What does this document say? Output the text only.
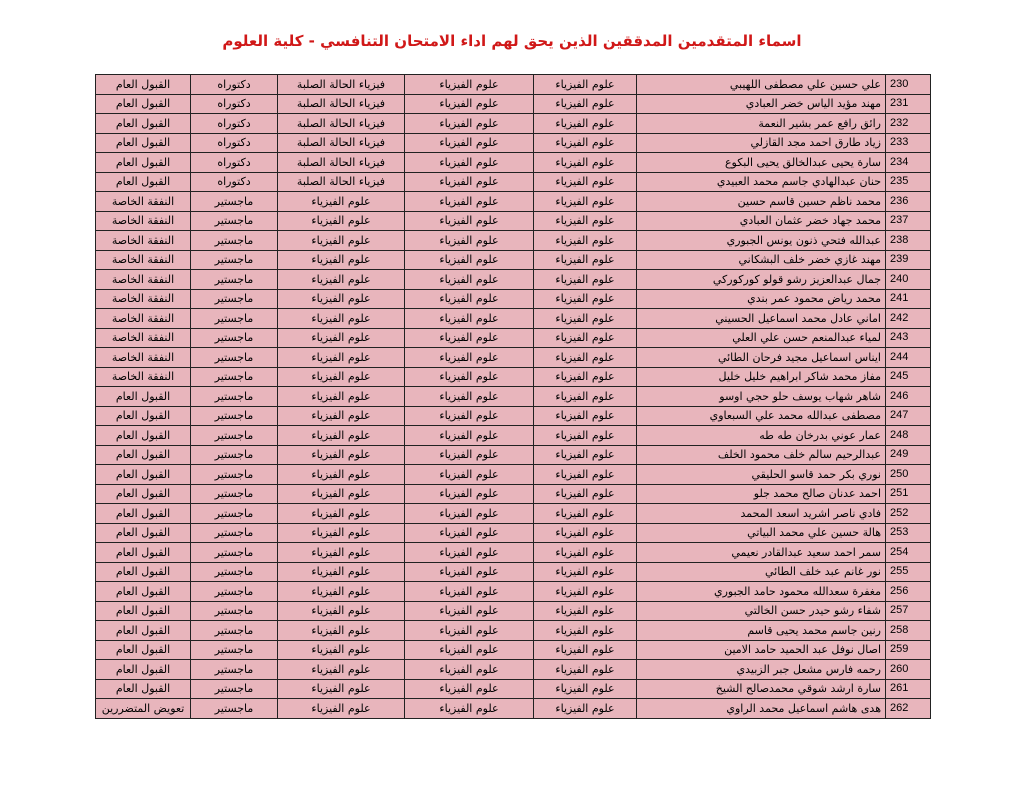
اسماء المتقدمين المدققين الذين يحق لهم اداء الامتحان التنافسي - كلية العلوم
230	علي حسين علي مصطفى اللهيبي	علوم الفيزياء	علوم الفيزياء	فيزياء الحالة الصلبة	دكتوراه	القبول العام
231	مهند مؤيد الياس خضر العبادي	علوم الفيزياء	علوم الفيزياء	فيزياء الحالة الصلبة	دكتوراه	القبول العام
232	رائق رافع عمر بشير النعمة	علوم الفيزياء	علوم الفيزياء	فيزياء الحالة الصلبة	دكتوراه	القبول العام
233	زياد طارق احمد مجد القازلي	علوم الفيزياء	علوم الفيزياء	فيزياء الحالة الصلبة	دكتوراه	القبول العام
234	سارة يحيى عبدالخالق يحيى البكوع	علوم الفيزياء	علوم الفيزياء	فيزياء الحالة الصلبة	دكتوراه	القبول العام
235	حنان عبدالهادي جاسم محمد العبيدي	علوم الفيزياء	علوم الفيزياء	فيزياء الحالة الصلبة	دكتوراه	القبول العام
236	محمد ناظم حسين قاسم حسين	علوم الفيزياء	علوم الفيزياء	علوم الفيزياء	ماجستير	النفقة الخاصة
237	محمد جهاد خضر عثمان العبادي	علوم الفيزياء	علوم الفيزياء	علوم الفيزياء	ماجستير	النفقة الخاصة
238	عبدالله فتحي ذنون يونس الجبوري	علوم الفيزياء	علوم الفيزياء	علوم الفيزياء	ماجستير	النفقة الخاصة
239	مهند غازي خضر خلف البشكاني	علوم الفيزياء	علوم الفيزياء	علوم الفيزياء	ماجستير	النفقة الخاصة
240	جمال عبدالعزيز رشو قولو كوركوركي	علوم الفيزياء	علوم الفيزياء	علوم الفيزياء	ماجستير	النفقة الخاصة
241	محمد رياض محمود عمر بندي	علوم الفيزياء	علوم الفيزياء	علوم الفيزياء	ماجستير	النفقة الخاصة
242	اماني عادل محمد اسماعيل الحسيني	علوم الفيزياء	علوم الفيزياء	علوم الفيزياء	ماجستير	النفقة الخاصة
243	لمياء عبدالمنعم حسن علي العلي	علوم الفيزياء	علوم الفيزياء	علوم الفيزياء	ماجستير	النفقة الخاصة
244	ايناس اسماعيل مجيد فرحان الطائي	علوم الفيزياء	علوم الفيزياء	علوم الفيزياء	ماجستير	النفقة الخاصة
245	مفاز محمد شاكر ابراهيم خليل خليل	علوم الفيزياء	علوم الفيزياء	علوم الفيزياء	ماجستير	النفقة الخاصة
246	شاهر شهاب يوسف حلو حجي اوسو	علوم الفيزياء	علوم الفيزياء	علوم الفيزياء	ماجستير	القبول العام
247	مصطفى عبدالله محمد علي السبعاوي	علوم الفيزياء	علوم الفيزياء	علوم الفيزياء	ماجستير	القبول العام
248	عمار عوني بدرخان طه طه	علوم الفيزياء	علوم الفيزياء	علوم الفيزياء	ماجستير	القبول العام
249	عبدالرحيم سالم خلف محمود الخلف	علوم الفيزياء	علوم الفيزياء	علوم الفيزياء	ماجستير	القبول العام
250	نوري بكر حمد قاسو الحليقي	علوم الفيزياء	علوم الفيزياء	علوم الفيزياء	ماجستير	القبول العام
251	احمد عدنان صالح محمد جلو	علوم الفيزياء	علوم الفيزياء	علوم الفيزياء	ماجستير	القبول العام
252	فادي ناصر اشريد اسعد المحمد	علوم الفيزياء	علوم الفيزياء	علوم الفيزياء	ماجستير	القبول العام
253	هالة حسين علي محمد البياتي	علوم الفيزياء	علوم الفيزياء	علوم الفيزياء	ماجستير	القبول العام
254	سمر احمد سعيد عبدالقادر نعيمي	علوم الفيزياء	علوم الفيزياء	علوم الفيزياء	ماجستير	القبول العام
255	نور غانم عبد خلف الطائي	علوم الفيزياء	علوم الفيزياء	علوم الفيزياء	ماجستير	القبول العام
256	مغفرة سعدالله محمود حامد الجبوري	علوم الفيزياء	علوم الفيزياء	علوم الفيزياء	ماجستير	القبول العام
257	شفاء رشو حيدر حسن الخالتي	علوم الفيزياء	علوم الفيزياء	علوم الفيزياء	ماجستير	القبول العام
258	رنين جاسم محمد يحيى قاسم	علوم الفيزياء	علوم الفيزياء	علوم الفيزياء	ماجستير	القبول العام
259	اصال نوفل عبد الحميد حامد الامين	علوم الفيزياء	علوم الفيزياء	علوم الفيزياء	ماجستير	القبول العام
260	رحمه فارس مشعل جبر الزبيدي	علوم الفيزياء	علوم الفيزياء	علوم الفيزياء	ماجستير	القبول العام
261	سارة ارشد شوقي محمدصالح الشيخ	علوم الفيزياء	علوم الفيزياء	علوم الفيزياء	ماجستير	القبول العام
262	هدى هاشم اسماعيل محمد الراوي	علوم الفيزياء	علوم الفيزياء	علوم الفيزياء	ماجستير	تعويض المتضررين
